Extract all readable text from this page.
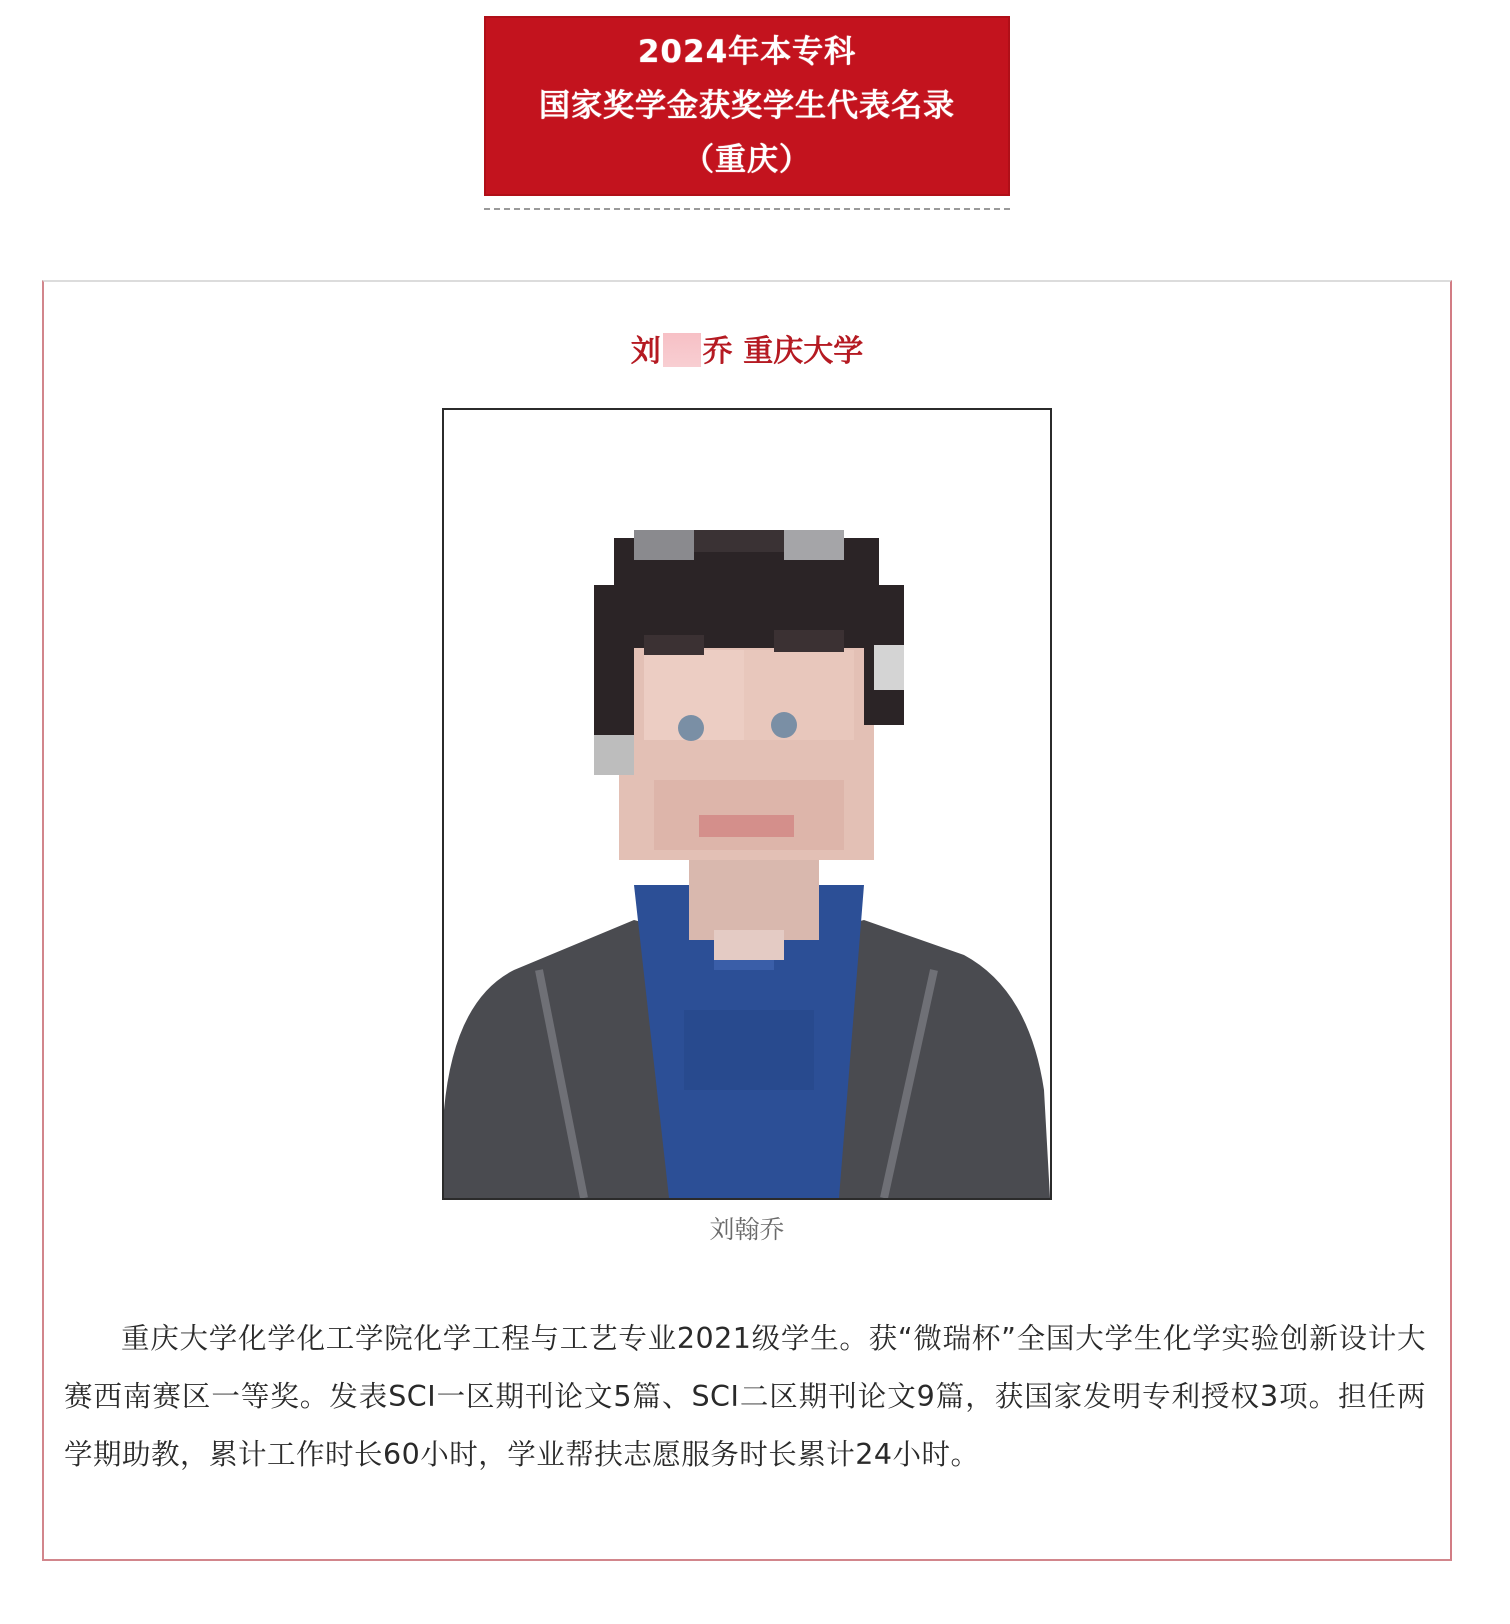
2024年本专科
国家奖学金获奖学生代表名录
（重庆）
刘 乔 重庆大学
刘翰乔

重庆大学化学化工学院化学工程与工艺专业2021级学生。获“微瑞杯”全国大学生化学实验创新设计大赛西南赛区一等奖。发表SCI一区期刊论文5篇、SCI二区期刊论文9篇，获国家发明专利授权3项。担任两学期助教，累计工作时长60小时，学业帮扶志愿服务时长累计24小时。
